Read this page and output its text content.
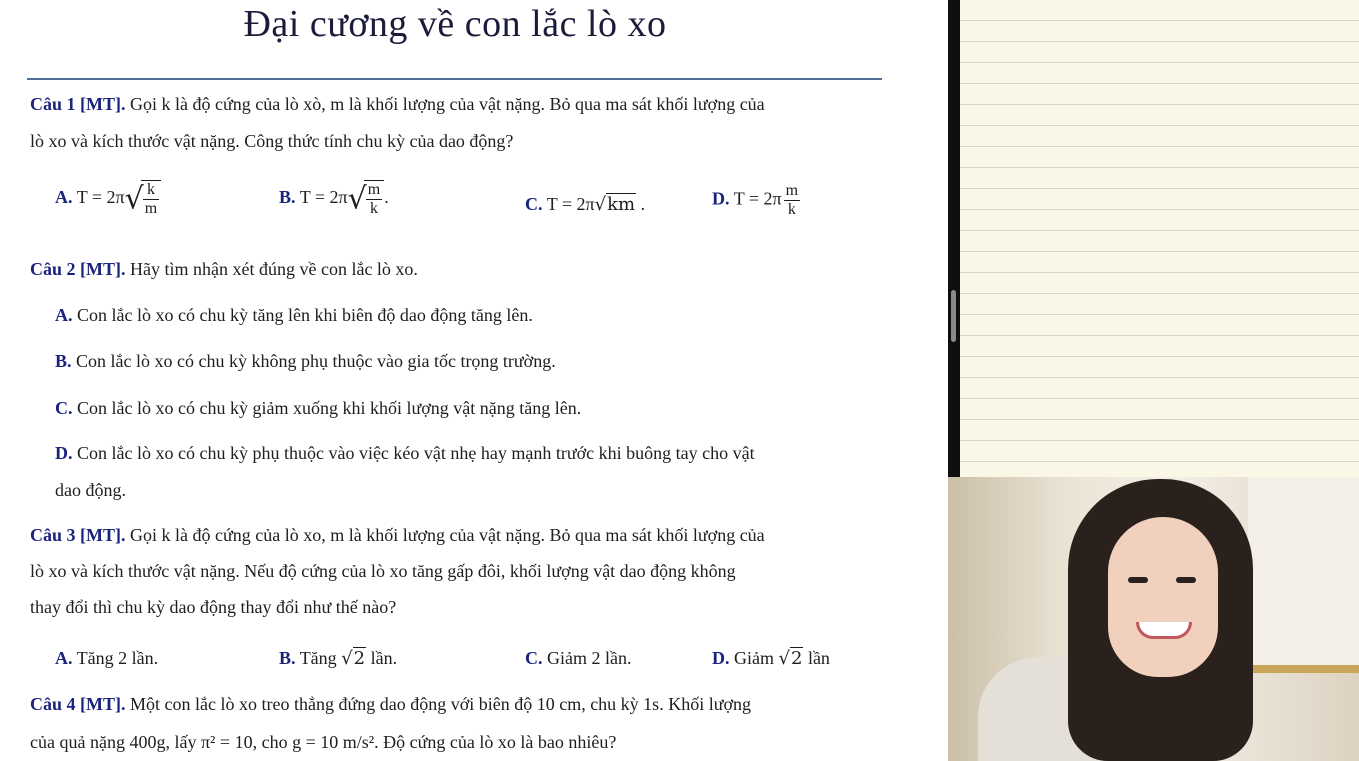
Đại cương về con lắc lò xo
Câu 1 [MT]. Gọi k là độ cứng của lò xò, m là khối lượng của vật nặng. Bỏ qua ma sát khối lượng của
lò xo và kích thước vật nặng. Công thức tính chu kỳ của dao động?
A. $T = 2\pi√ \frac{k}{m}$	B. $T = 2\pi√ \frac{m}{k}$ .	C. T = 2π√km .	D. $T = 2\pi \frac{m}{k}$
Câu 2 [MT]. Hãy tìm nhận xét đúng về con lắc lò xo.
A. Con lắc lò xo có chu kỳ tăng lên khi biên độ dao động tăng lên.
B. Con lắc lò xo có chu kỳ không phụ thuộc vào gia tốc trọng trường.
C. Con lắc lò xo có chu kỳ giảm xuống khi khối lượng vật nặng tăng lên.
D. Con lắc lò xo có chu kỳ phụ thuộc vào việc kéo vật nhẹ hay mạnh trước khi buông tay cho vật
dao động.
Câu 3 [MT]. Gọi k là độ cứng của lò xo, m là khối lượng của vật nặng. Bỏ qua ma sát khối lượng của
lò xo và kích thước vật nặng. Nếu độ cứng của lò xo tăng gấp đôi, khối lượng vật dao động không
thay đổi thì chu kỳ dao động thay đổi như thế nào?
A. Tăng 2 lần.	B. Tăng √2 lần.	C. Giảm 2 lần.	D. Giảm √2 lần
Câu 4 [MT]. Một con lắc lò xo treo thẳng đứng dao động với biên độ 10 cm, chu kỳ 1s. Khối lượng
của quả nặng 400g, lấy π² = 10, cho g = 10 m/s². Độ cứng của lò xo là bao nhiêu?
